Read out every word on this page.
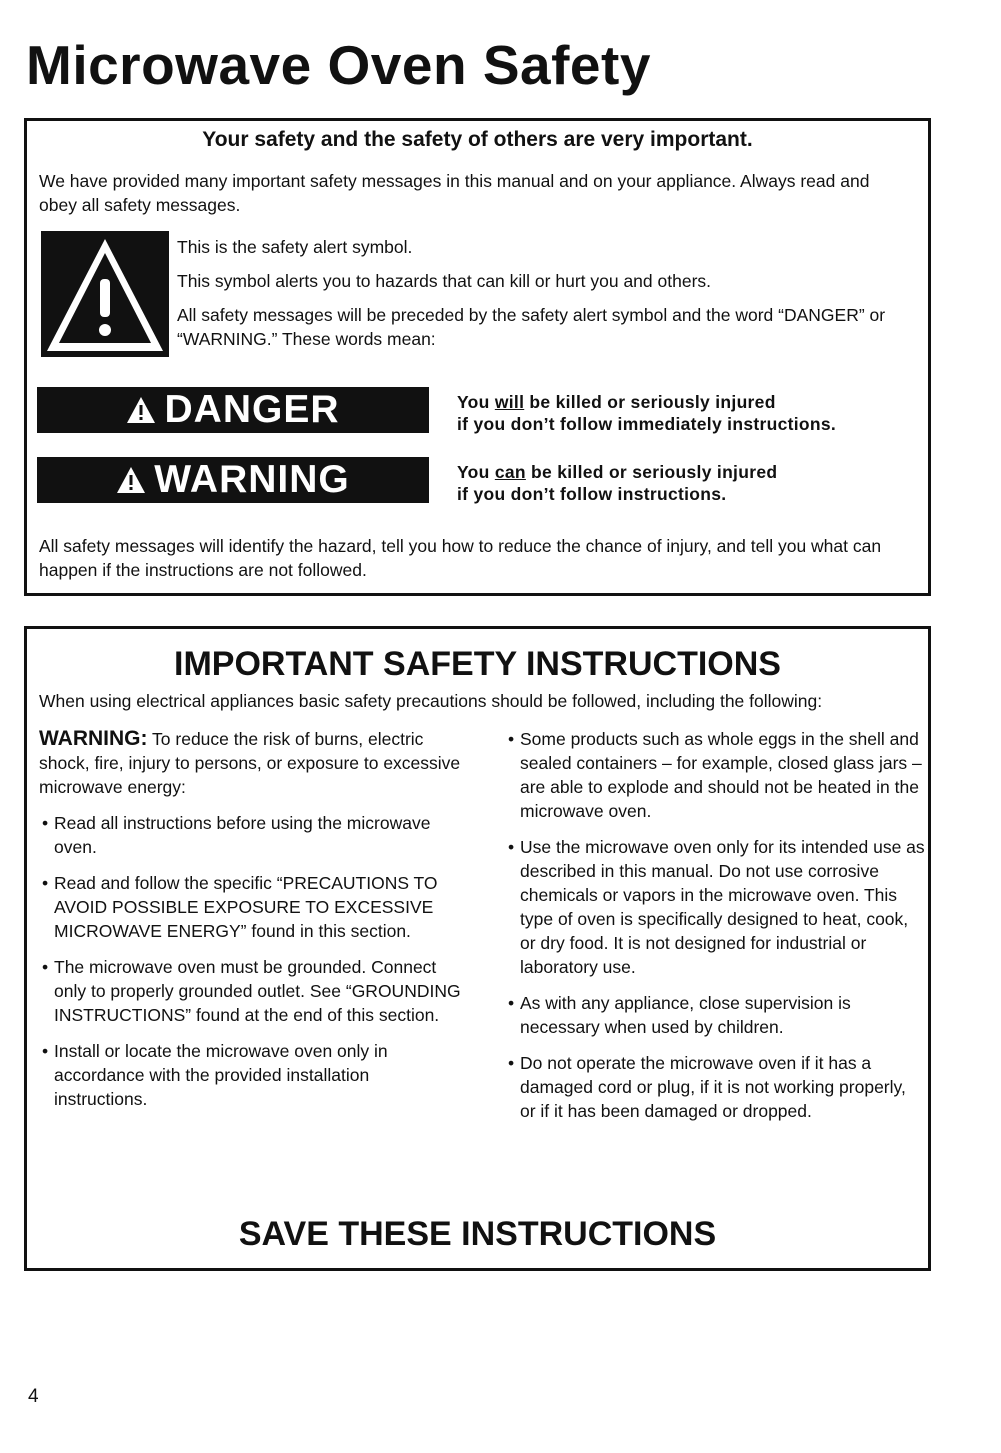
Microwave Oven Safety
Your safety and the safety of others are very important.
We have provided many important safety messages in this manual and on your appliance. Always read and obey all safety messages.

This is the safety alert symbol.

This symbol alerts you to hazards that can kill or hurt you and others.

All safety messages will be preceded by the safety alert symbol and the word “DANGER” or “WARNING.” These words mean:

DANGER	You will be killed or seriously injured
if you don’t follow immediately instructions.
WARNING	You can be killed or seriously injured
if you don’t follow instructions.
All safety messages will identify the hazard, tell you how to reduce the chance of injury, and tell you what can happen if the instructions are not followed.
IMPORTANT SAFETY INSTRUCTIONS
When using electrical appliances basic safety precautions should be followed, including the following:

WARNING: To reduce the risk of burns, electric shock, fire, injury to persons, or exposure to excessive microwave energy:

• Read all instructions before using the microwave oven.
• Read and follow the specific “PRECAUTIONS TO AVOID POSSIBLE EXPOSURE TO EXCESSIVE MICROWAVE ENERGY” found in this section.
• The microwave oven must be grounded. Connect only to properly grounded outlet. See “GROUNDING INSTRUCTIONS” found at the end of this section.
• Install or locate the microwave oven only in accordance with the provided installation instructions.
• Some products such as whole eggs in the shell and sealed containers – for example, closed glass jars – are able to explode and should not be heated in the microwave oven.
• Use the microwave oven only for its intended use as described in this manual. Do not use corrosive chemicals or vapors in the microwave oven. This type of oven is specifically designed to heat, cook, or dry food. It is not designed for industrial or laboratory use.
• As with any appliance, close supervision is necessary when used by children.
• Do not operate the microwave oven if it has a damaged cord or plug, if it is not working properly, or if it has been damaged or dropped.
SAVE THESE INSTRUCTIONS
4
